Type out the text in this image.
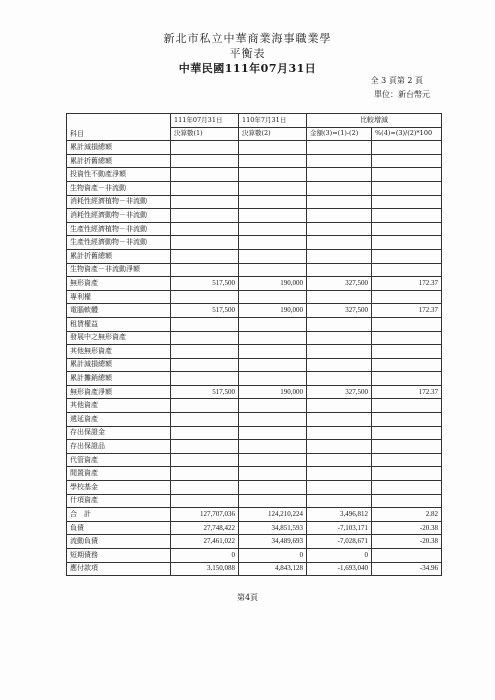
新北市私立中華商業海事職業學
平衡表
中華民國111年07月31日
全 3 頁第 2 頁
單位：新台幣元
科目	111年07月31日	110年7月31日	比較增減	
	決算數(1)	決算數(2)	金額(3)=(1)-(2)	%(4)=(3)/(2)*100
累計減損總額				
累計折舊總額				
投資性不動產淨額				
生物資產－非流動				
消耗性經濟植物－非流動				
消耗性經濟動物－非流動				
生產性經濟植物－非流動				
生產性經濟動物－非流動				
累計折舊總額				
生物資產－非流動淨額				
無形資產	517,500	190,000	327,500	172.37
專利權				
電腦軟體	517,500	190,000	327,500	172.37
租賃權益				
發展中之無形資產				
其他無形資產				
累計減損總額				
累計攤銷總額				
無形資產淨額	517,500	190,000	327,500	172.37
其他資產				
遞延資產				
存出保證金				
存出保證品				
代管資產				
閒置資產				
學校基金				
什項資產				
合　計	127,707,036	124,210,224	3,496,812	2.82
負債	27,748,422	34,851,593	-7,103,171	-20.38
流動負債	27,461,022	34,489,693	-7,028,671	-20.38
短期債務	0	0	0	
應付款項	3,150,088	4,843,128	-1,693,040	-34.96
第4頁
